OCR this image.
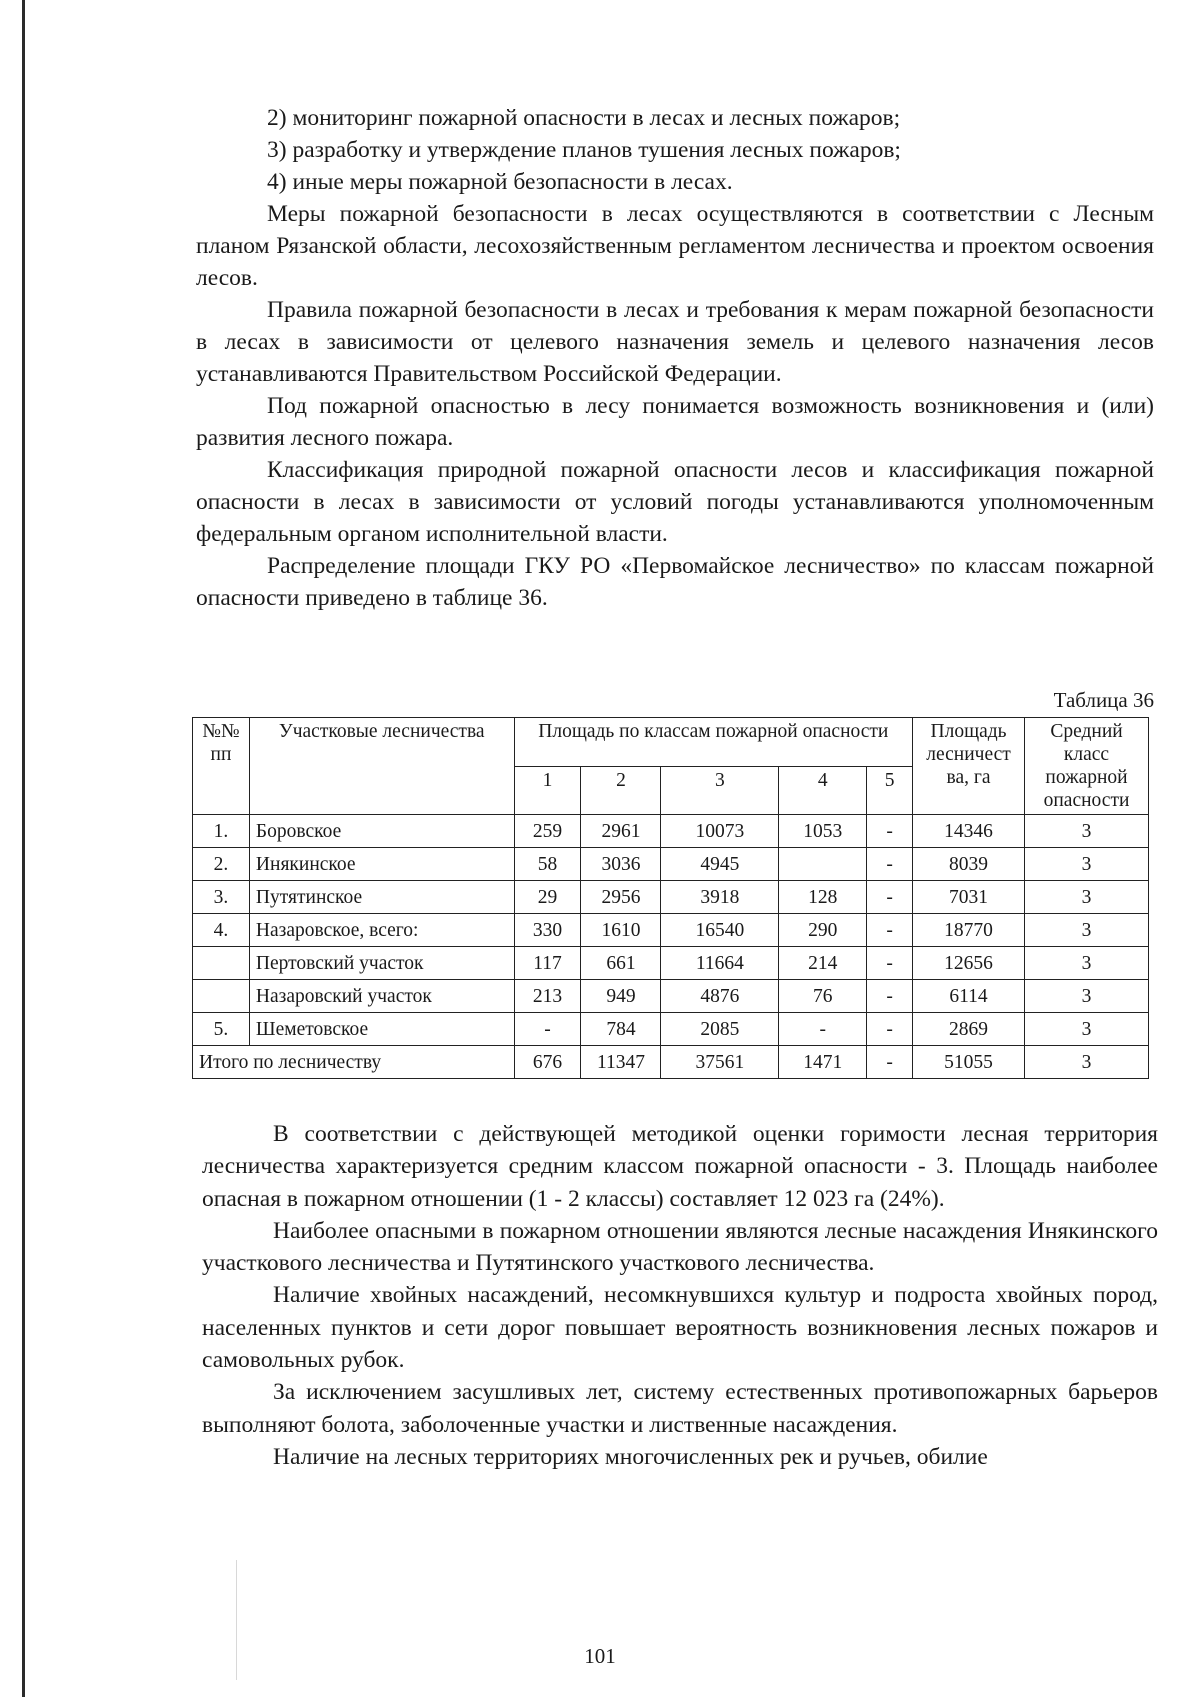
2) мониторинг пожарной опасности в лесах и лесных пожаров;

3) разработку и утверждение планов тушения лесных пожаров;

4) иные меры пожарной безопасности в лесах.

Меры пожарной безопасности в лесах осуществляются в соответствии с Лесным планом Рязанской области, лесохозяйственным регламентом лесничества и проектом освоения лесов.

Правила пожарной безопасности в лесах и требования к мерам пожарной безопасности в лесах в зависимости от целевого назначения земель и целевого назначения лесов устанавливаются Правительством Российской Федерации.

Под пожарной опасностью в лесу понимается возможность возникновения и (или) развития лесного пожара.

Классификация природной пожарной опасности лесов и классификация пожарной опасности в лесах в зависимости от условий погоды устанавливаются уполномоченным федеральным органом исполнительной власти.

Распределение площади ГКУ РО «Первомайское лесничество» по классам пожарной опасности приведено в таблице 36.

Таблица 36
№№ пп	Участковые лесничества	Площадь по классам пожарной опасности					Площадь лесничест ва, га	Средний класс пожарной опасности
		1	2	3	4	5		
1.	Боровское	259	2961	10073	1053	-	14346	3
2.	Инякинское	58	3036	4945		-	8039	3
3.	Путятинское	29	2956	3918	128	-	7031	3
4.	Назаровское, всего:	330	1610	16540	290	-	18770	3
	Пертовский участок	117	661	11664	214	-	12656	3
	Назаровский участок	213	949	4876	76	-	6114	3
5.	Шеметовское	-	784	2085	-	-	2869	3
Итого по лесничеству		676	11347	37561	1471	-	51055	3

В соответствии с действующей методикой оценки горимости лесная территория лесничества характеризуется средним классом пожарной опасности - 3. Площадь наиболее опасная в пожарном отношении (1 - 2 классы) составляет 12 023 га (24%).

Наиболее опасными в пожарном отношении являются лесные насаждения Инякинского участкового лесничества и Путятинского участкового лесничества.

Наличие хвойных насаждений, несомкнувшихся культур и подроста хвойных пород, населенных пунктов и сети дорог повышает вероятность возникновения лесных пожаров и самовольных рубок.

За исключением засушливых лет, систему естественных противопожарных барьеров выполняют болота, заболоченные участки и лиственные насаждения.

Наличие на лесных территориях многочисленных рек и ручьев, обилие

101
